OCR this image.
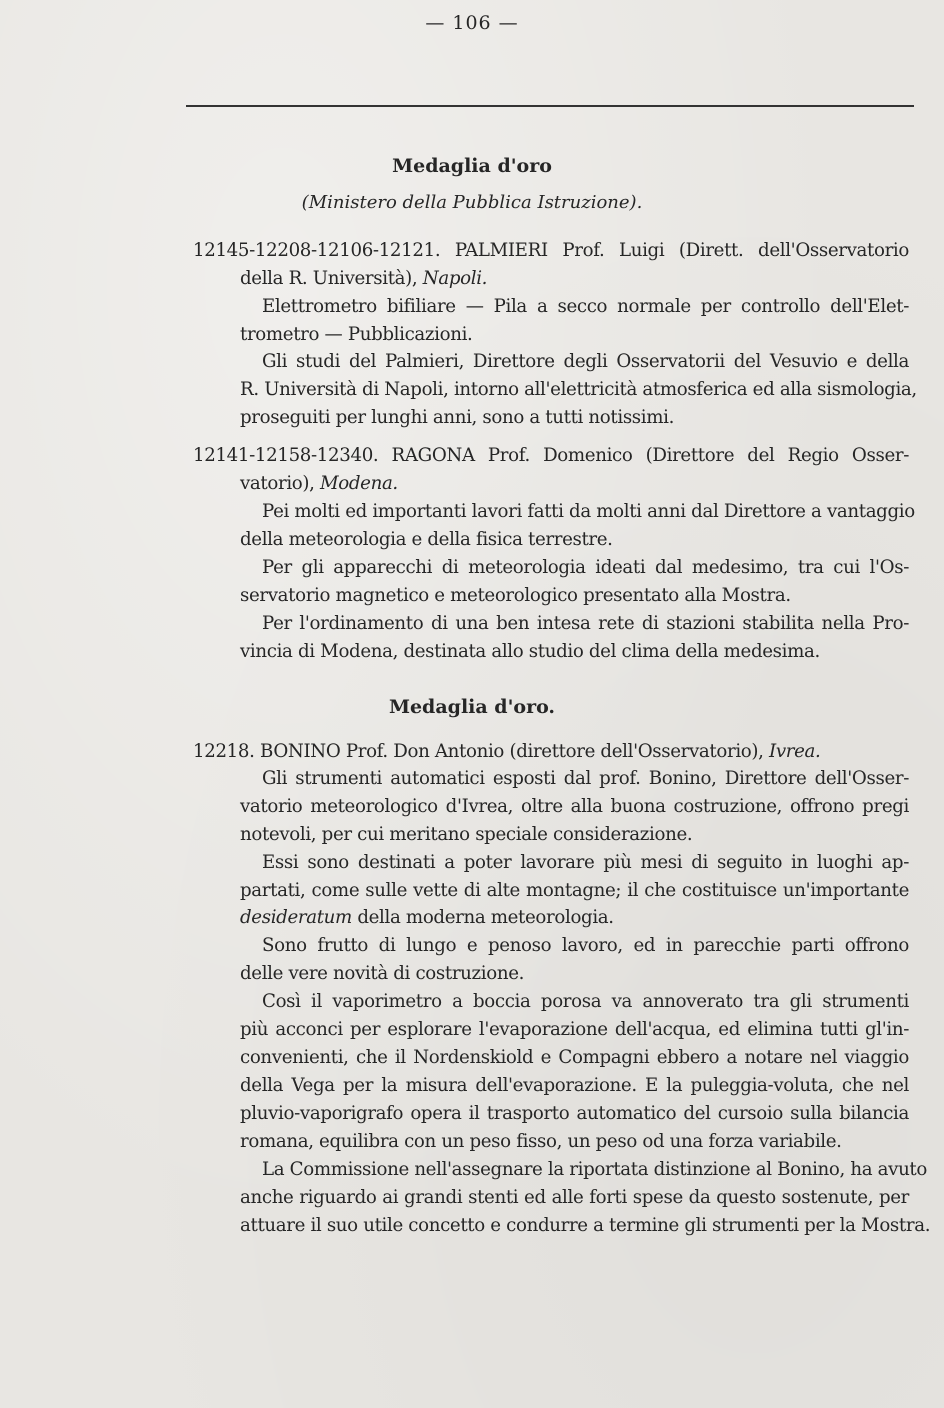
— 106 —
Medaglia d'oro
(Ministero della Pubblica Istruzione).
12145-12208-12106-12121. PALMIERI Prof. Luigi (Dirett. dell'Osservatorio
della R. Università), Napoli.
Elettrometro bifiliare — Pila a secco normale per controllo dell'Elet-
trometro — Pubblicazioni.
Gli studi del Palmieri, Direttore degli Osservatorii del Vesuvio e della
R. Università di Napoli, intorno all'elettricità atmosferica ed alla sismologia,
proseguiti per lunghi anni, sono a tutti notissimi.
12141-12158-12340. RAGONA Prof. Domenico (Direttore del Regio Osser-
vatorio), Modena.
Pei molti ed importanti lavori fatti da molti anni dal Direttore a vantaggio
della meteorologia e della fisica terrestre.
Per gli apparecchi di meteorologia ideati dal medesimo, tra cui l'Os-
servatorio magnetico e meteorologico presentato alla Mostra.
Per l'ordinamento di una ben intesa rete di stazioni stabilita nella Pro-
vincia di Modena, destinata allo studio del clima della medesima.
Medaglia d'oro.
12218. BONINO Prof. Don Antonio (direttore dell'Osservatorio), Ivrea.
Gli strumenti automatici esposti dal prof. Bonino, Direttore dell'Osser-
vatorio meteorologico d'Ivrea, oltre alla buona costruzione, offrono pregi
notevoli, per cui meritano speciale considerazione.
Essi sono destinati a poter lavorare più mesi di seguito in luoghi ap-
partati, come sulle vette di alte montagne; il che costituisce un'importante
desideratum della moderna meteorologia.
Sono frutto di lungo e penoso lavoro, ed in parecchie parti offrono
delle vere novità di costruzione.
Così il vaporimetro a boccia porosa va annoverato tra gli strumenti
più acconci per esplorare l'evaporazione dell'acqua, ed elimina tutti gl'in-
convenienti, che il Nordenskiold e Compagni ebbero a notare nel viaggio
della Vega per la misura dell'evaporazione. E la puleggia-voluta, che nel
pluvio-vaporigrafo opera il trasporto automatico del cursoio sulla bilancia
romana, equilibra con un peso fisso, un peso od una forza variabile.
La Commissione nell'assegnare la riportata distinzione al Bonino, ha avuto
anche riguardo ai grandi stenti ed alle forti spese da questo sostenute, per
attuare il suo utile concetto e condurre a termine gli strumenti per la Mostra.
